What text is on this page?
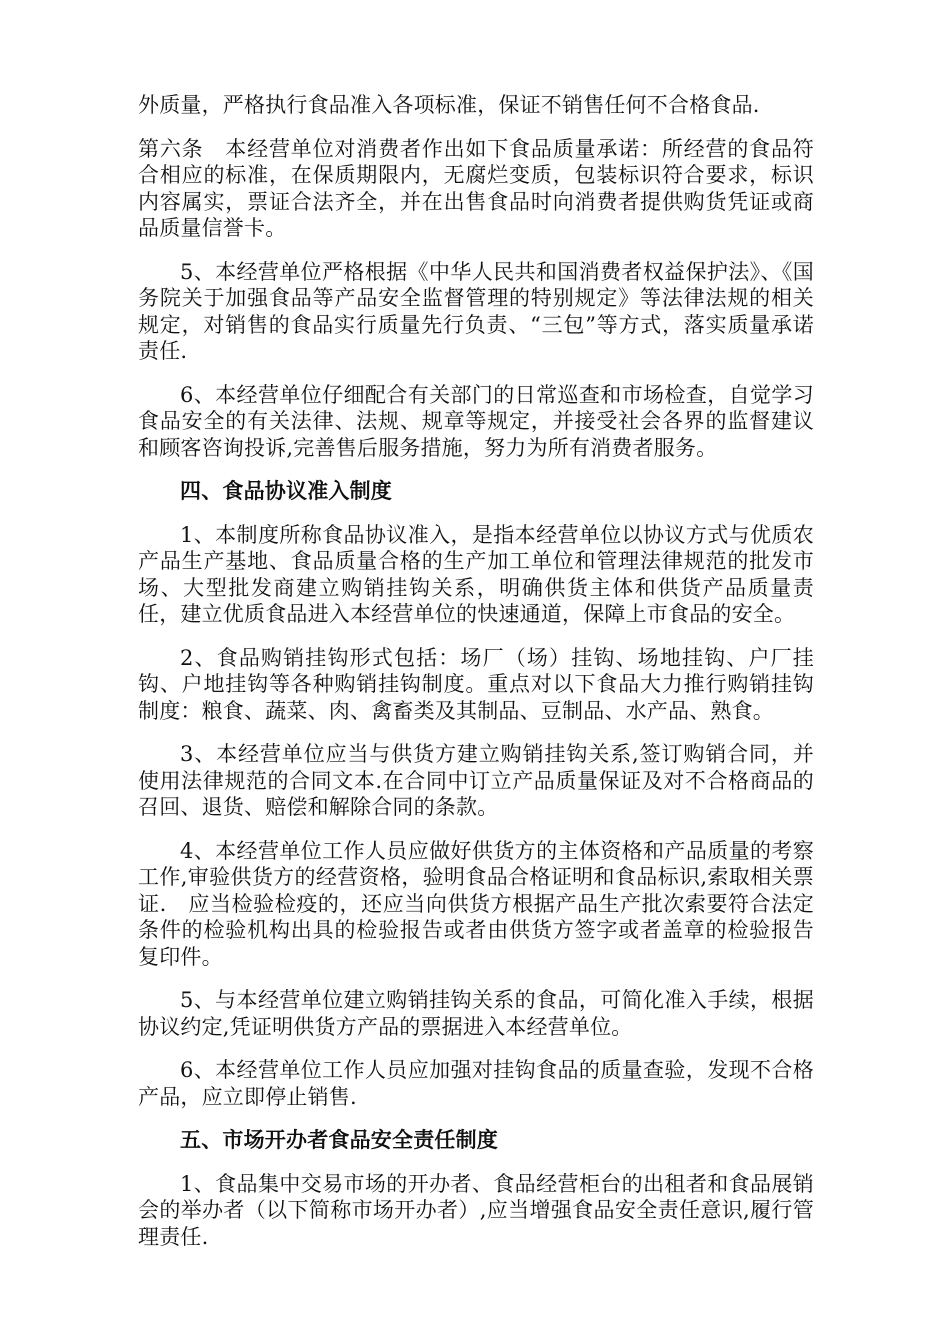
外质量，严格执行食品准入各项标准，保证不销售任何不合格食品.

第六条　本经营单位对消费者作出如下食品质量承诺：所经营的食品符合相应的标准，在保质期限内，无腐烂变质，包装标识符合要求，标识内容属实，票证合法齐全，并在出售食品时向消费者提供购货凭证或商品质量信誉卡。

5、本经营单位严格根据《中华人民共和国消费者权益保护法》、《国务院关于加强食品等产品安全监督管理的特别规定》等法律法规的相关规定，对销售的食品实行质量先行负责、“三包”等方式，落实质量承诺责任.

6、本经营单位仔细配合有关部门的日常巡查和市场检查，自觉学习食品安全的有关法律、法规、规章等规定，并接受社会各界的监督建议和顾客咨询投诉,完善售后服务措施，努力为所有消费者服务。

四、食品协议准入制度

1、本制度所称食品协议准入，是指本经营单位以协议方式与优质农产品生产基地、食品质量合格的生产加工单位和管理法律规范的批发市场、大型批发商建立购销挂钩关系，明确供货主体和供货产品质量责任，建立优质食品进入本经营单位的快速通道，保障上市食品的安全。

2、食品购销挂钩形式包括：场厂（场）挂钩、场地挂钩、户厂挂钩、户地挂钩等各种购销挂钩制度。重点对以下食品大力推行购销挂钩制度：粮食、蔬菜、肉、禽畜类及其制品、豆制品、水产品、熟食。

3、本经营单位应当与供货方建立购销挂钩关系,签订购销合同，并使用法律规范的合同文本.在合同中订立产品质量保证及对不合格商品的召回、退货、赔偿和解除合同的条款。

4、本经营单位工作人员应做好供货方的主体资格和产品质量的考察工作,审验供货方的经营资格，验明食品合格证明和食品标识,索取相关票证.　应当检验检疫的，还应当向供货方根据产品生产批次索要符合法定条件的检验机构出具的检验报告或者由供货方签字或者盖章的检验报告复印件。

5、与本经营单位建立购销挂钩关系的食品，可简化准入手续，根据协议约定,凭证明供货方产品的票据进入本经营单位。

6、本经营单位工作人员应加强对挂钩食品的质量查验，发现不合格产品，应立即停止销售.

五、市场开办者食品安全责任制度

1、食品集中交易市场的开办者、食品经营柜台的出租者和食品展销会的举办者（以下简称市场开办者）,应当增强食品安全责任意识,履行管理责任.
